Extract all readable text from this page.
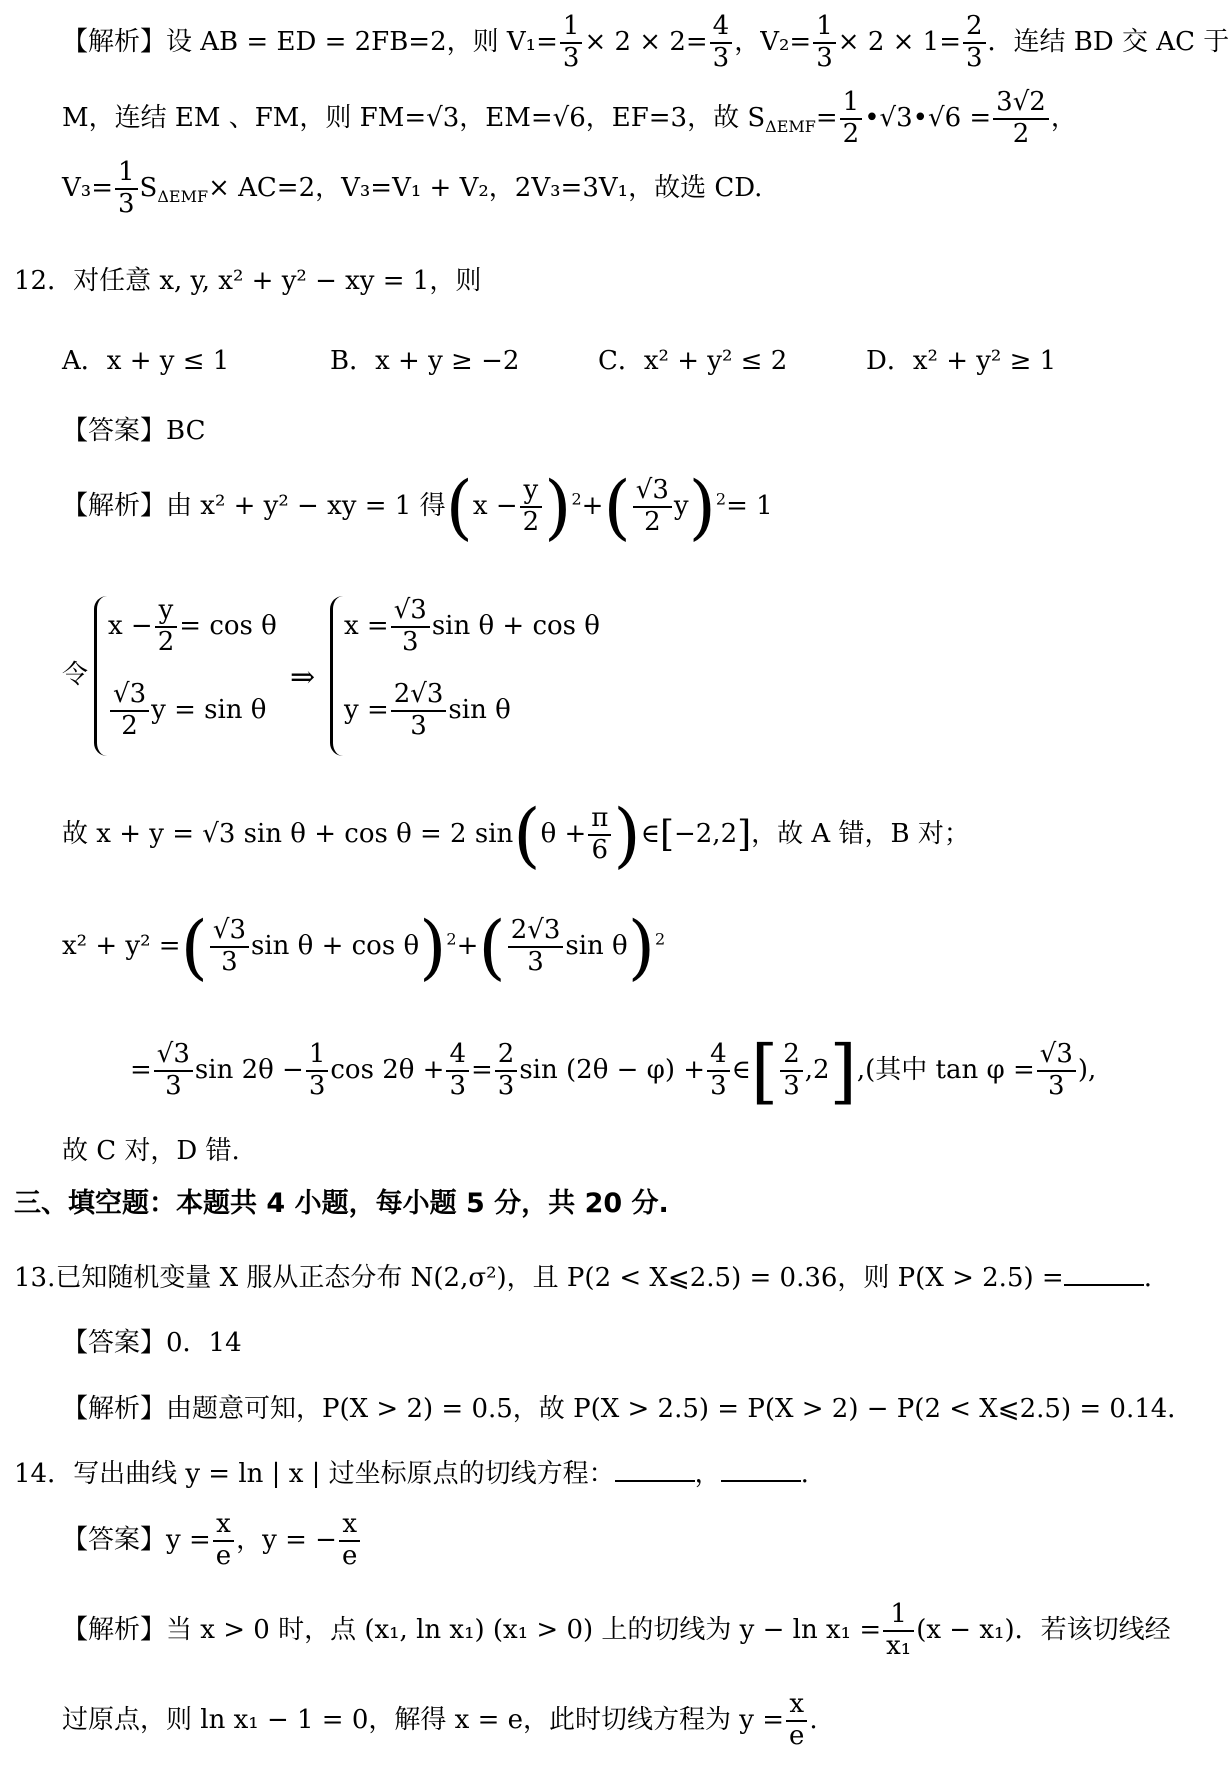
【解析】设 AB = ED = 2FB=2，则 $V_1= \frac{1}{3} \times 2 \times 2= \frac{4}{3}$ ，$V_2= \frac{1}{3} \times 2 \times 1= \frac{2}{3}$ ．连结 BD 交 AC 于
M，连结 EM 、FM，则 FM=√3，EM=√6，EF=3，故 $S_{\Delta EMF}= \frac{1}{2}$ •√3•√6 = $\frac{3√2}{2}$ ，
$V_3= \frac{1}{3} S_{\Delta EMF}\times AC=2$，V₃=V₁ + V₂，2V₃=3V₁，故选 CD.
12．对任意 x, y, x² + y² − xy = 1，则
A．x + y ≤ 1	B．x + y ≥ −2	C．x² + y² ≤ 2	D．x² + y² ≥ 1
【答案】BC
【解析】由 x² + y² − xy = 1 得$(x - \frac{y}{2} )^2+( \frac{√3}{2} y)^2= 1$
令
$x - \frac{y}{2} = \cos \theta$
$\frac{√3}{2}$ y = sin θ
⇒
$x = \frac{√3}{3}$ sin θ + cos θ
$y = \frac{2√3}{3}$ sin θ
故 x + y = √3 sin θ + cos θ = 2 $\sin(\theta + \frac{\pi}{6}$ )∈[−2,2]，故 A 错，B 对；
x² + y² =( $\frac{√3}{3}$ $\sin \theta + \cos \theta)^2+( \frac{2√3}{3}$ sin θ)$^2$
= $\frac{√3}{3}$ $\sin 2\theta - \frac{1}{3}$ $\cos 2\theta + \frac{4}{3} = \frac{2}{3}$ $\sin (2\theta - \varphi) + \frac{4}{3}$ ∈[ $\frac{2}{3} ,2$],(其中 $\tan \varphi = \frac{√3}{3}$ ),
故 C 对，D 错.
三、填空题：本题共 4 小题，每小题 5 分，共 20 分.
13.已知随机变量 X 服从正态分布 N(2,σ²)，且 P(2 < X⩽2.5) = 0.36，则 P(X > 2.5) =	.
【答案】0．14
【解析】由题意可知，P(X > 2) = 0.5，故 P(X > 2.5) = P(X > 2) − P(2 < X⩽2.5) = 0.14．
14．写出曲线 y = ln | x | 过坐标原点的切线方程：	，	.
【答案】$y = \frac{x}{e}$ ，y = − $\frac{x}{e}$
【解析】当 x > 0 时，点 (x₁, ln x₁) (x₁ > 0) 上的切线为 $y - \ln x_1 = \frac{1}{\text{x₁}} (x - x_1)$．若该切线经
过原点，则 ln x₁ − 1 = 0，解得 x = e，此时切线方程为 $y = \frac{x}{e}$ .
